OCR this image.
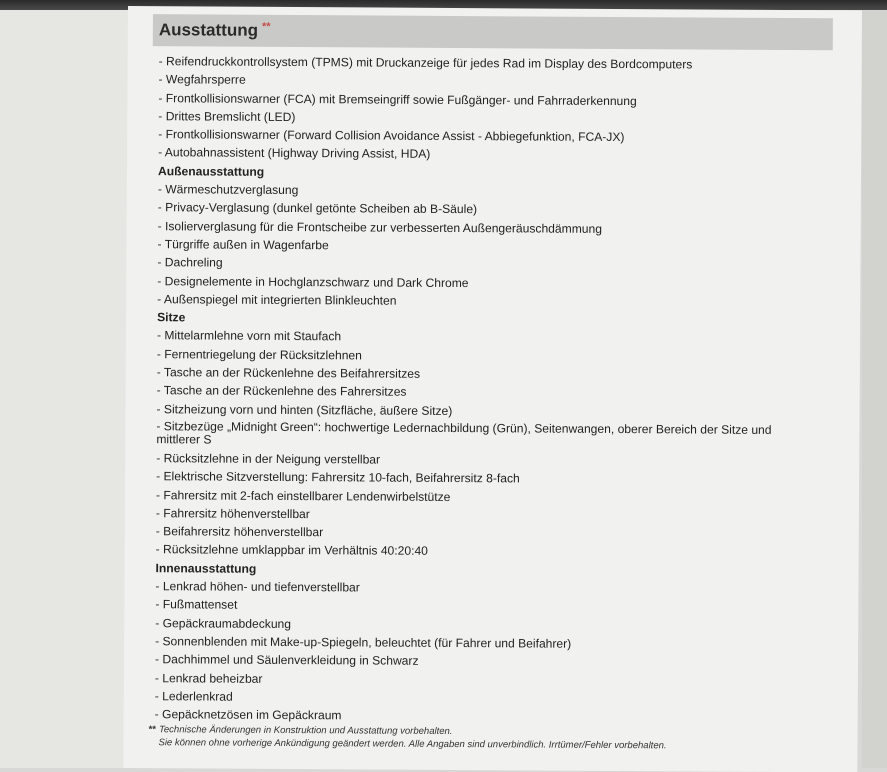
Ausstattung **
- Reifendruckkontrollsystem (TPMS) mit Druckanzeige für jedes Rad im Display des Bordcomputers
- Wegfahrsperre
- Frontkollisionswarner (FCA) mit Bremseingriff sowie Fußgänger- und Fahrraderkennung
- Drittes Bremslicht (LED)
- Frontkollisionswarner (Forward Collision Avoidance Assist - Abbiegefunktion, FCA-JX)
- Autobahnassistent (Highway Driving Assist, HDA)
Außenausstattung
- Wärmeschutzverglasung
- Privacy-Verglasung (dunkel getönte Scheiben ab B-Säule)
- Isolierverglasung für die Frontscheibe zur verbesserten Außengeräuschdämmung
- Türgriffe außen in Wagenfarbe
- Dachreling
- Designelemente in Hochglanzschwarz und Dark Chrome
- Außenspiegel mit integrierten Blinkleuchten
Sitze
- Mittelarmlehne vorn mit Staufach
- Fernentriegelung der Rücksitzlehnen
- Tasche an der Rückenlehne des Beifahrersitzes
- Tasche an der Rückenlehne des Fahrersitzes
- Sitzheizung vorn und hinten (Sitzfläche, äußere Sitze)
- Sitzbezüge „Midnight Green“: hochwertige Ledernachbildung (Grün), Seitenwangen, oberer Bereich der Sitze und mittlerer S
- Rücksitzlehne in der Neigung verstellbar
- Elektrische Sitzverstellung: Fahrersitz 10-fach, Beifahrersitz 8-fach
- Fahrersitz mit 2-fach einstellbarer Lendenwirbelstütze
- Fahrersitz höhenverstellbar
- Beifahrersitz höhenverstellbar
- Rücksitzlehne umklappbar im Verhältnis 40:20:40
Innenausstattung
- Lenkrad höhen- und tiefenverstellbar
- Fußmattenset
- Gepäckraumabdeckung
- Sonnenblenden mit Make-up-Spiegeln, beleuchtet (für Fahrer und Beifahrer)
- Dachhimmel und Säulenverkleidung in Schwarz
- Lenkrad beheizbar
- Lederlenkrad
- Gepäcknetzösen im Gepäckraum
** Technische Änderungen in Konstruktion und Ausstattung vorbehalten.
Sie können ohne vorherige Ankündigung geändert werden. Alle Angaben sind unverbindlich. Irrtümer/Fehler vorbehalten.
